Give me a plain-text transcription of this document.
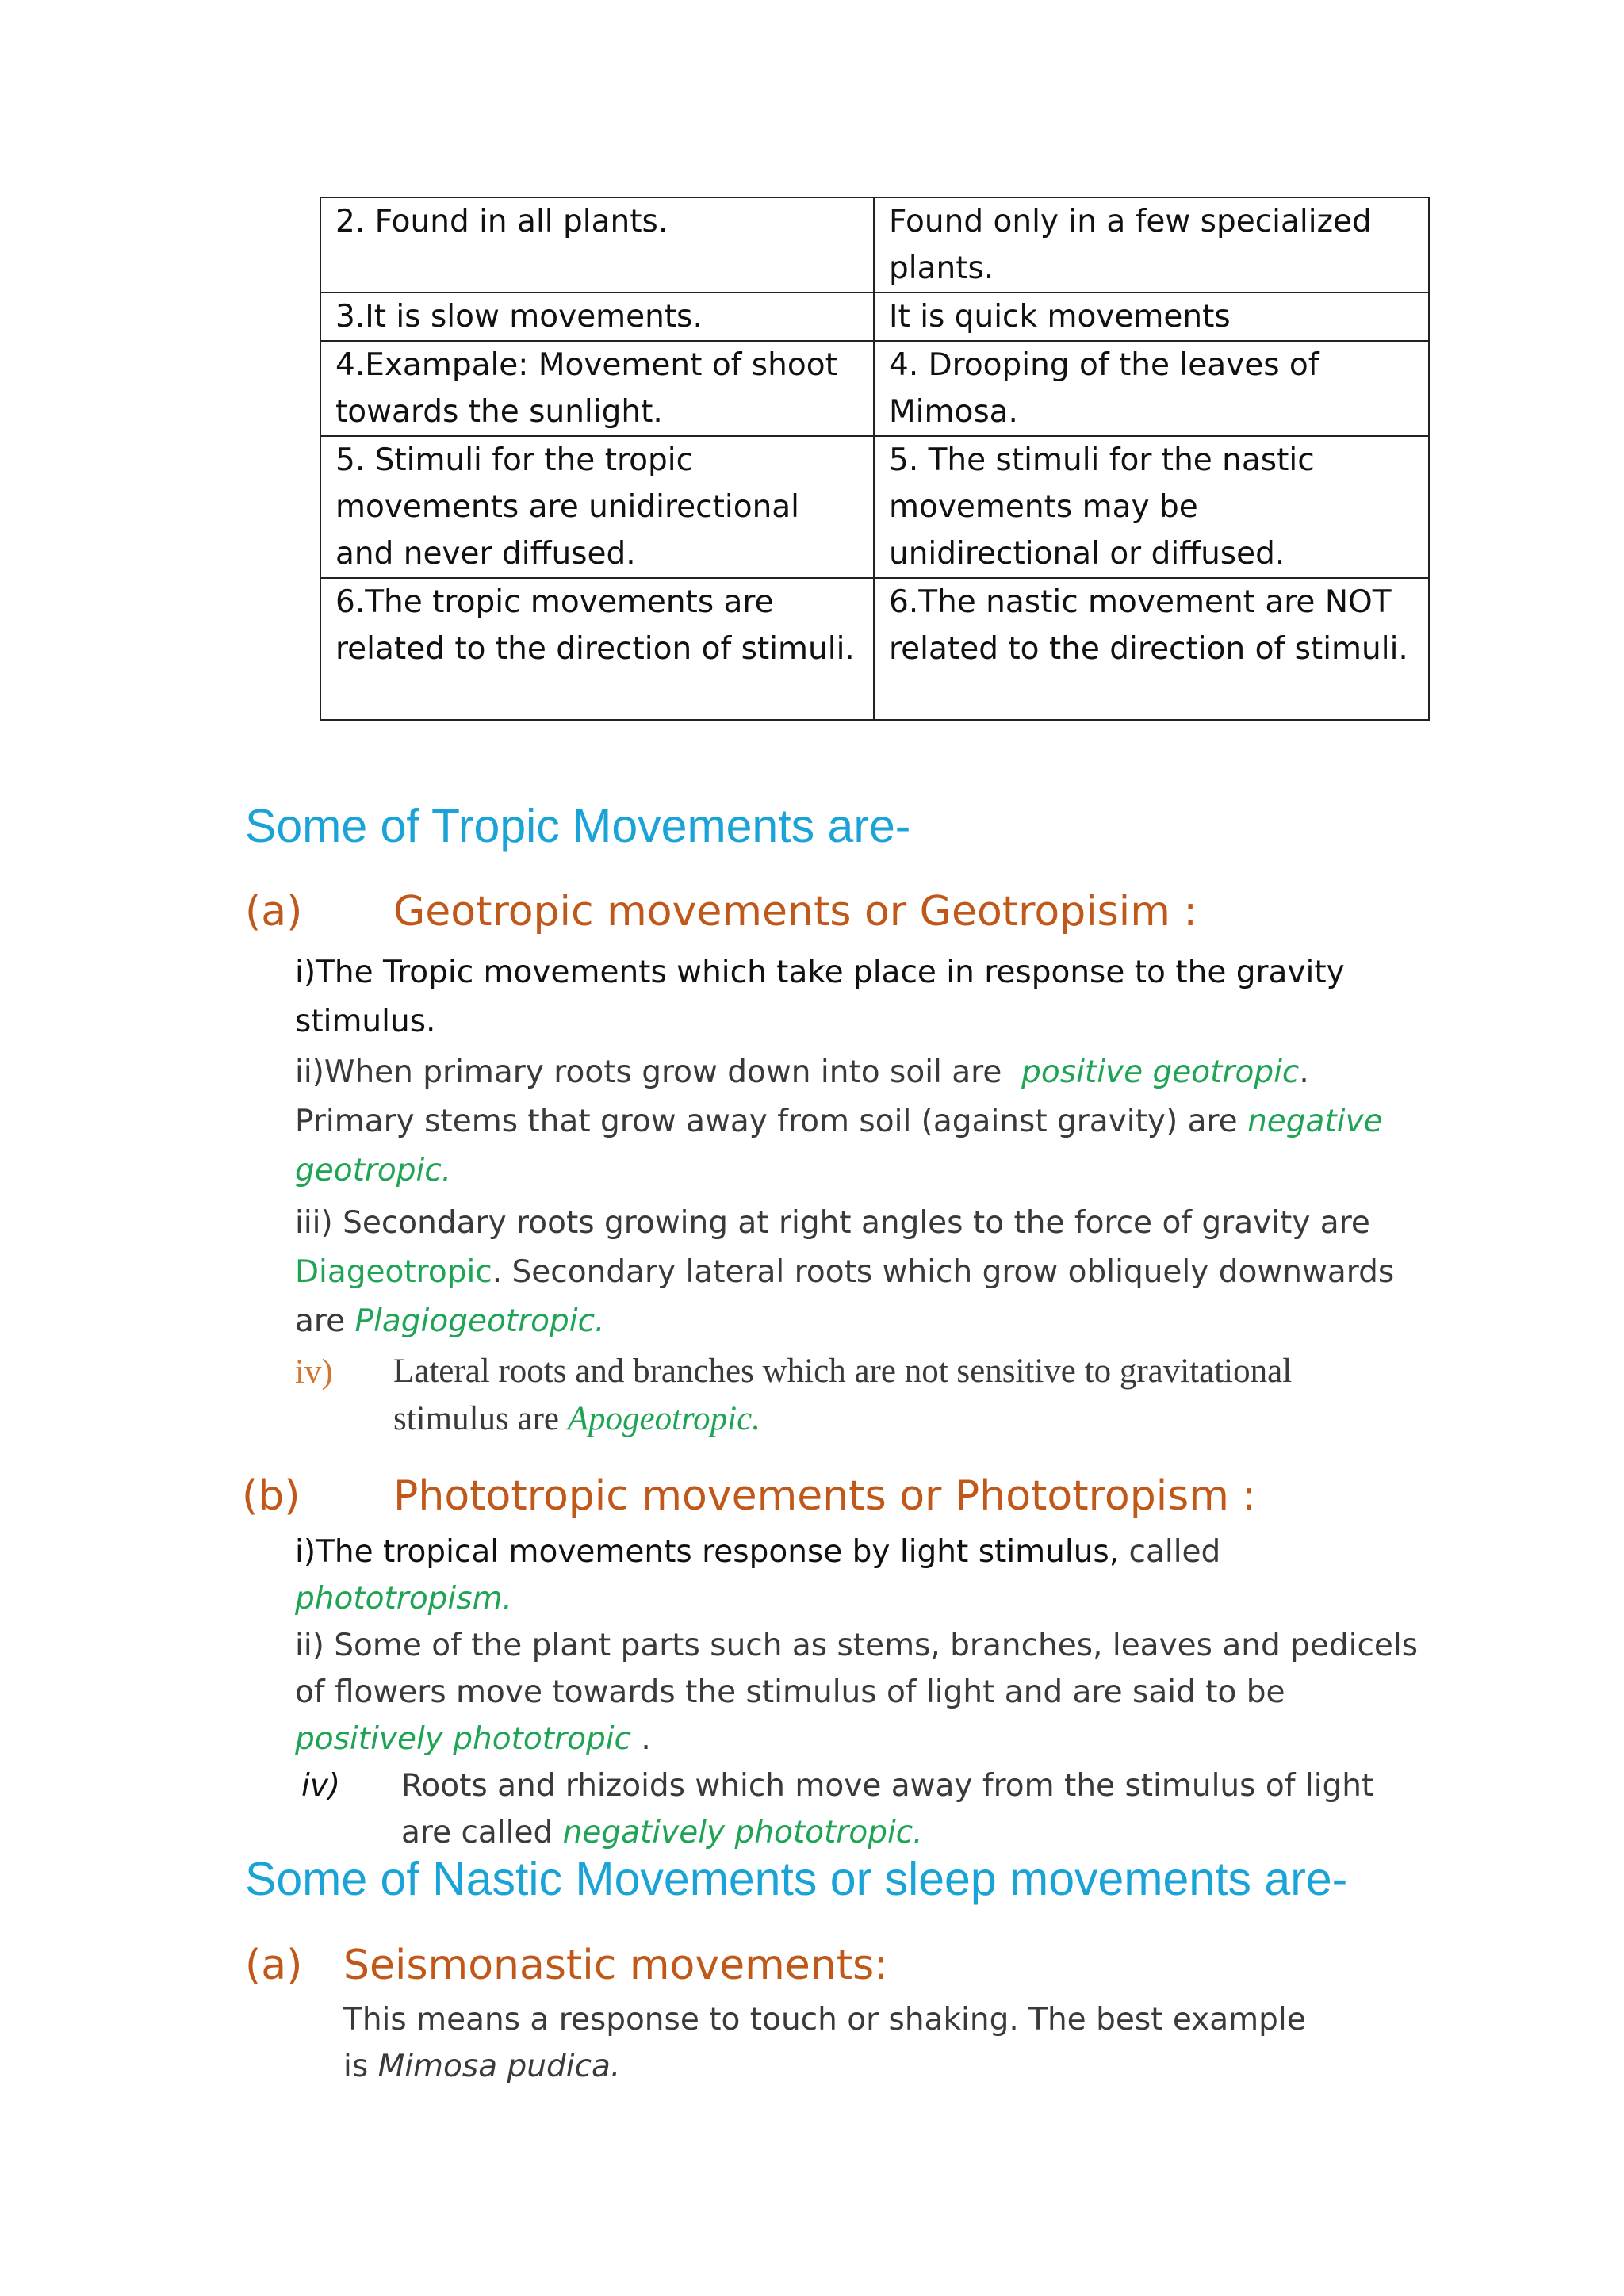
2. Found in all plants.	Found only in a few specialized plants.
3.It is slow movements.	It is quick movements
4.Exampale: Movement of shoot towards the sunlight.	4. Drooping of the leaves of Mimosa.
5. Stimuli for the tropic movements are unidirectional and never diffused.	5. The stimuli for the nastic movements may be unidirectional or diffused.
6.The tropic movements are related to the direction of stimuli.	6.The nastic movement are NOT related to the direction of stimuli.
Some of Tropic Movements are-
(a) Geotropic movements or Geotropisim :
i)The Tropic movements which take place in response to the gravity
stimulus.
ii)When primary roots grow down into soil are positive geotropic.
Primary stems that grow away from soil (against gravity) are negative
geotropic.
iii) Secondary roots growing at right angles to the force of gravity are
Diageotropic. Secondary lateral roots which grow obliquely downwards
are Plagiogeotropic.
iv) Lateral roots and branches which are not sensitive to gravitational
stimulus are Apogeotropic.
(b) Phototropic movements or Phototropism :
i)The tropical movements response by light stimulus, called
phototropism.
ii) Some of the plant parts such as stems, branches, leaves and pedicels
of flowers move towards the stimulus of light and are said to be
positively phototropic .
iv) Roots and rhizoids which move away from the stimulus of light
are called negatively phototropic.
Some of Nastic Movements or sleep movements are-
(a) Seismonastic movements:
This means a response to touch or shaking. The best example
is Mimosa pudica.
